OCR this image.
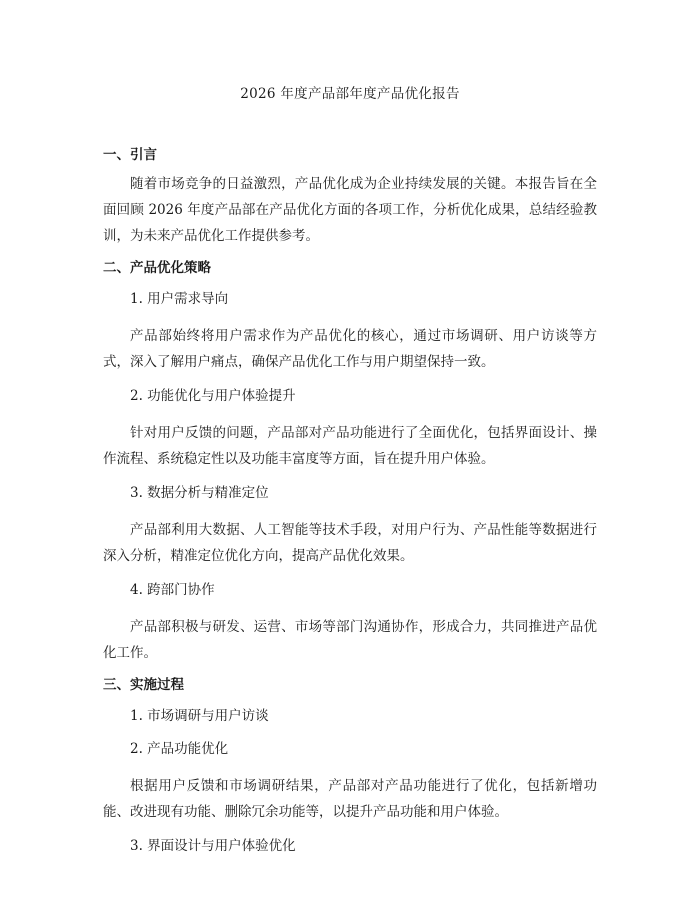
2026 年度产品部年度产品优化报告
一、引言

随着市场竞争的日益激烈，产品优化成为企业持续发展的关键。本报告旨在全面回顾 2026 年度产品部在产品优化方面的各项工作，分析优化成果，总结经验教训，为未来产品优化工作提供参考。

二、产品优化策略
1. 用户需求导向

产品部始终将用户需求作为产品优化的核心，通过市场调研、用户访谈等方式，深入了解用户痛点，确保产品优化工作与用户期望保持一致。

2. 功能优化与用户体验提升

针对用户反馈的问题，产品部对产品功能进行了全面优化，包括界面设计、操作流程、系统稳定性以及功能丰富度等方面，旨在提升用户体验。

3. 数据分析与精准定位

产品部利用大数据、人工智能等技术手段，对用户行为、产品性能等数据进行深入分析，精准定位优化方向，提高产品优化效果。

4. 跨部门协作

产品部积极与研发、运营、市场等部门沟通协作，形成合力，共同推进产品优化工作。

三、实施过程
1. 市场调研与用户访谈
2. 产品功能优化

根据用户反馈和市场调研结果，产品部对产品功能进行了优化，包括新增功能、改进现有功能、删除冗余功能等，以提升产品功能和用户体验。

3. 界面设计与用户体验优化
